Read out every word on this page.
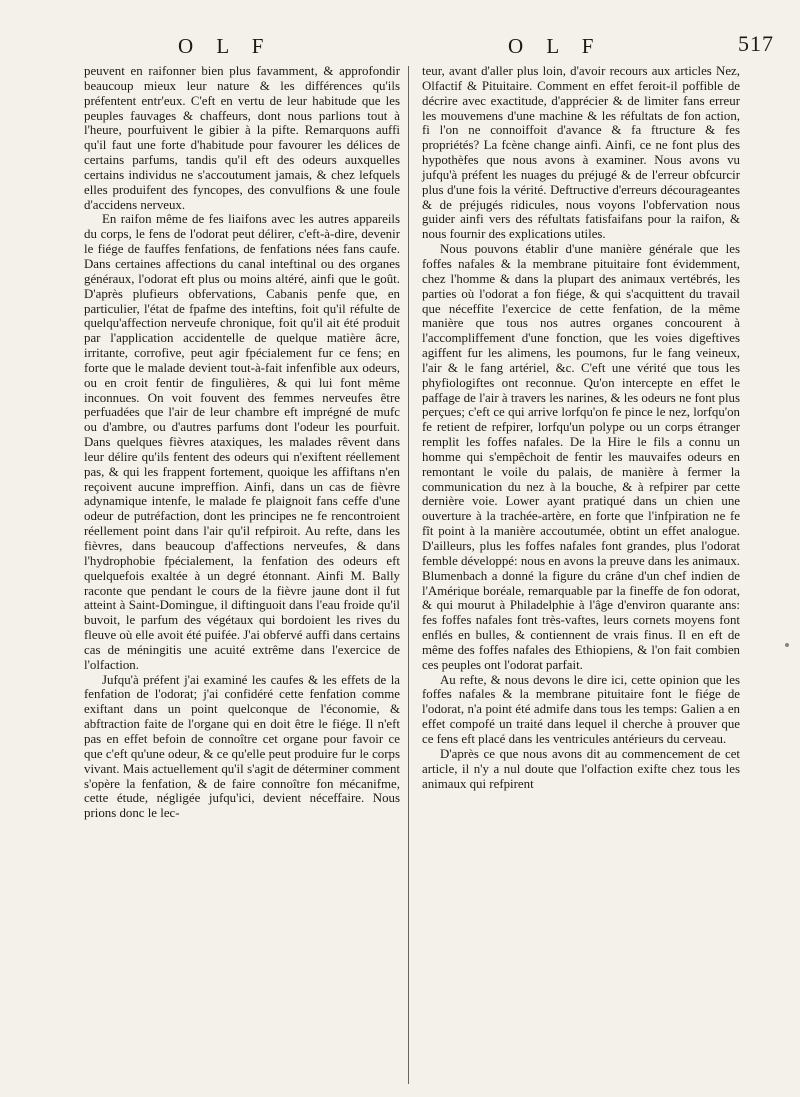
O L F	O L F	517

peuvent en raifonner bien plus favamment, & approfondir beaucoup mieux leur nature & les différences qu'ils préfentent entr'eux. C'eft en vertu de leur habitude que les peuples fauvages & chaffeurs, dont nous parlions tout à l'heure, pourfuivent le gibier à la pifte. Remarquons auffi qu'il faut une forte d'habitude pour favourer les délices de certains parfums, tandis qu'il eft des odeurs auxquelles certains individus ne s'accoutument jamais, & chez lefquels elles produifent des fyncopes, des convulfions & une foule d'accidens nerveux.

En raifon même de fes liaifons avec les autres appareils du corps, le fens de l'odorat peut délirer, c'eft-à-dire, devenir le fiége de fauffes fenfations, de fenfations nées fans caufe. Dans certaines affections du canal inteftinal ou des organes généraux, l'odorat eft plus ou moins altéré, ainfi que le goût. D'après plufieurs obfervations, Cabanis penfe que, en particulier, l'état de fpafme des inteftins, foit qu'il réfulte de quelqu'affection nerveufe chronique, foit qu'il ait été produit par l'application accidentelle de quelque matière âcre, irritante, corrofive, peut agir fpécialement fur ce fens; en forte que le malade devient tout-à-fait infenfible aux odeurs, ou en croit fentir de fingulières, & qui lui font même inconnues. On voit fouvent des femmes nerveufes être perfuadées que l'air de leur chambre eft imprégné de mufc ou d'ambre, ou d'autres parfums dont l'odeur les pourfuit. Dans quelques fièvres ataxiques, les malades rêvent dans leur délire qu'ils fentent des odeurs qui n'exiftent réellement pas, & qui les frappent fortement, quoique les affiftans n'en reçoivent aucune impreffion. Ainfi, dans un cas de fièvre adynamique intenfe, le malade fe plaignoit fans ceffe d'une odeur de putréfaction, dont les principes ne fe rencontroient réellement point dans l'air qu'il refpiroit. Au refte, dans les fièvres, dans beaucoup d'affections nerveufes, & dans l'hydrophobie fpécialement, la fenfation des odeurs eft quelquefois exaltée à un degré étonnant. Ainfi M. Bally raconte que pendant le cours de la fièvre jaune dont il fut atteint à Saint-Domingue, il diftinguoit dans l'eau froide qu'il buvoit, le parfum des végétaux qui bordoient les rives du fleuve où elle avoit été puifée. J'ai obfervé auffi dans certains cas de méningitis une acuité extrême dans l'exercice de l'olfaction.

Jufqu'à préfent j'ai examiné les caufes & les effets de la fenfation de l'odorat; j'ai confidéré cette fenfation comme exiftant dans un point quelconque de l'économie, & abftraction faite de l'organe qui en doit être le fiége. Il n'eft pas en effet befoin de connoître cet organe pour favoir ce que c'eft qu'une odeur, & ce qu'elle peut produire fur le corps vivant. Mais actuellement qu'il s'agit de déterminer comment s'opère la fenfation, & de faire connoître fon mécanifme, cette étude, négligée jufqu'ici, devient néceffaire. Nous prions donc le lec-

teur, avant d'aller plus loin, d'avoir recours aux articles Nez, Olfactif & Pituitaire. Comment en effet feroit-il poffible de décrire avec exactitude, d'apprécier & de limiter fans erreur les mouvemens d'une machine & les réfultats de fon action, fi l'on ne connoiffoit d'avance & fa ftructure & fes propriétés? La fcène change ainfi. Ainfi, ce ne font plus des hypothèfes que nous avons à examiner. Nous avons vu jufqu'à préfent les nuages du préjugé & de l'erreur obfcurcir plus d'une fois la vérité. Deftructive d'erreurs décourageantes & de préjugés ridicules, nous voyons l'obfervation nous guider ainfi vers des réfultats fatisfaifans pour la raifon, & nous fournir des explications utiles.

Nous pouvons établir d'une manière générale que les foffes nafales & la membrane pituitaire font évidemment, chez l'homme & dans la plupart des animaux vertébrés, les parties où l'odorat a fon fiége, & qui s'acquittent du travail que néceffite l'exercice de cette fenfation, de la même manière que tous nos autres organes concourent à l'accompliffement d'une fonction, que les voies digeftives agiffent fur les alimens, les poumons, fur le fang veineux, l'air & le fang artériel, &c. C'eft une vérité que tous les phyfiologiftes ont reconnue. Qu'on intercepte en effet le paffage de l'air à travers les narines, & les odeurs ne font plus perçues; c'eft ce qui arrive lorfqu'on fe pince le nez, lorfqu'on fe retient de refpirer, lorfqu'un polype ou un corps étranger remplit les foffes nafales. De la Hire le fils a connu un homme qui s'empêchoit de fentir les mauvaifes odeurs en remontant le voile du palais, de manière à fermer la communication du nez à la bouche, & à refpirer par cette dernière voie. Lower ayant pratiqué dans un chien une ouverture à la trachée-artère, en forte que l'infpiration ne fe fît point à la manière accoutumée, obtint un effet analogue. D'ailleurs, plus les foffes nafales font grandes, plus l'odorat femble développé: nous en avons la preuve dans les animaux. Blumenbach a donné la figure du crâne d'un chef indien de l'Amérique boréale, remarquable par la fineffe de fon odorat, & qui mourut à Philadelphie à l'âge d'environ quarante ans: fes foffes nafales font très-vaftes, leurs cornets moyens font enflés en bulles, & contiennent de vrais finus. Il en eft de même des foffes nafales des Ethiopiens, & l'on fait combien ces peuples ont l'odorat parfait.

Au refte, & nous devons le dire ici, cette opinion que les foffes nafales & la membrane pituitaire font le fiége de l'odorat, n'a point été admife dans tous les temps: Galien a en effet compofé un traité dans lequel il cherche à prouver que ce fens eft placé dans les ventricules antérieurs du cerveau.

D'après ce que nous avons dit au commencement de cet article, il n'y a nul doute que l'olfaction exifte chez tous les animaux qui refpirent
